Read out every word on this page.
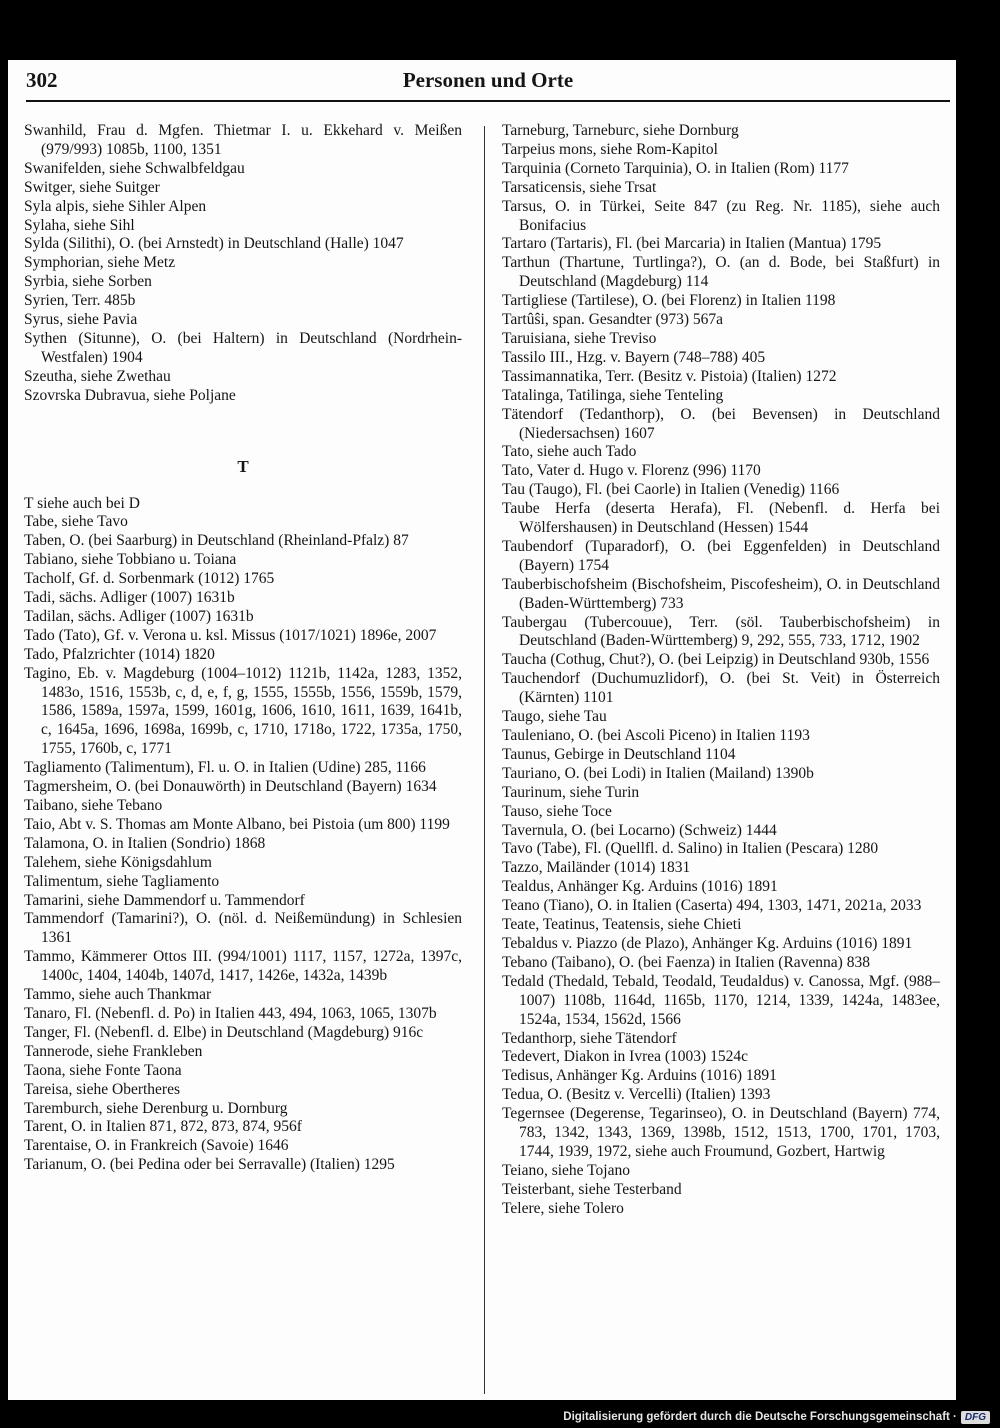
302	Personen und Orte
Swanhild, Frau d. Mgfen. Thietmar I. u. Ekkehard v. Meißen (979/993) 1085b, 1100, 1351
Swanifelden, siehe Schwalbfeldgau
Switger, siehe Suitger
Syla alpis, siehe Sihler Alpen
Sylaha, siehe Sihl
Sylda (Silithi), O. (bei Arnstedt) in Deutschland (Halle) 1047
Symphorian, siehe Metz
Syrbia, siehe Sorben
Syrien, Terr. 485b
Syrus, siehe Pavia
Sythen (Situnne), O. (bei Haltern) in Deutschland (Nordrhein-Westfalen) 1904
Szeutha, siehe Zwethau
Szovrska Dubravua, siehe Poljane
T
T siehe auch bei D
Tabe, siehe Tavo
Taben, O. (bei Saarburg) in Deutschland (Rheinland-Pfalz) 87
Tabiano, siehe Tobbiano u. Toiana
Tacholf, Gf. d. Sorbenmark (1012) 1765
Tadi, sächs. Adliger (1007) 1631b
Tadilan, sächs. Adliger (1007) 1631b
Tado (Tato), Gf. v. Verona u. ksl. Missus (1017/1021) 1896e, 2007
Tado, Pfalzrichter (1014) 1820
Tagino, Eb. v. Magdeburg (1004–1012) 1121b, 1142a, 1283, 1352, 1483o, 1516, 1553b, c, d, e, f, g, 1555, 1555b, 1556, 1559b, 1579, 1586, 1589a, 1597a, 1599, 1601g, 1606, 1610, 1611, 1639, 1641b, c, 1645a, 1696, 1698a, 1699b, c, 1710, 1718o, 1722, 1735a, 1750, 1755, 1760b, c, 1771
Tagliamento (Talimentum), Fl. u. O. in Italien (Udine) 285, 1166
Tagmersheim, O. (bei Donauwörth) in Deutschland (Bayern) 1634
Taibano, siehe Tebano
Taio, Abt v. S. Thomas am Monte Albano, bei Pistoia (um 800) 1199
Talamona, O. in Italien (Sondrio) 1868
Talehem, siehe Königsdahlum
Talimentum, siehe Tagliamento
Tamarini, siehe Dammendorf u. Tammendorf
Tammendorf (Tamarini?), O. (nöl. d. Neißemündung) in Schlesien 1361
Tammo, Kämmerer Ottos III. (994/1001) 1117, 1157, 1272a, 1397c, 1400c, 1404, 1404b, 1407d, 1417, 1426e, 1432a, 1439b
Tammo, siehe auch Thankmar
Tanaro, Fl. (Nebenfl. d. Po) in Italien 443, 494, 1063, 1065, 1307b
Tanger, Fl. (Nebenfl. d. Elbe) in Deutschland (Magdeburg) 916c
Tannerode, siehe Frankleben
Taona, siehe Fonte Taona
Tareisa, siehe Obertheres
Taremburch, siehe Derenburg u. Dornburg
Tarent, O. in Italien 871, 872, 873, 874, 956f
Tarentaise, O. in Frankreich (Savoie) 1646
Tarianum, O. (bei Pedina oder bei Serravalle) (Italien) 1295
Tarneburg, Tarneburc, siehe Dornburg
Tarpeius mons, siehe Rom-Kapitol
Tarquinia (Corneto Tarquinia), O. in Italien (Rom) 1177
Tarsaticensis, siehe Trsat
Tarsus, O. in Türkei, Seite 847 (zu Reg. Nr. 1185), siehe auch Bonifacius
Tartaro (Tartaris), Fl. (bei Marcaria) in Italien (Mantua) 1795
Tarthun (Thartune, Turtlinga?), O. (an d. Bode, bei Staßfurt) in Deutschland (Magdeburg) 114
Tartigliese (Tartilese), O. (bei Florenz) in Italien 1198
Tartûŝi, span. Gesandter (973) 567a
Taruisiana, siehe Treviso
Tassilo III., Hzg. v. Bayern (748–788) 405
Tassimannatika, Terr. (Besitz v. Pistoia) (Italien) 1272
Tatalinga, Tatilinga, siehe Tenteling
Tätendorf (Tedanthorp), O. (bei Bevensen) in Deutschland (Niedersachsen) 1607
Tato, siehe auch Tado
Tato, Vater d. Hugo v. Florenz (996) 1170
Tau (Taugo), Fl. (bei Caorle) in Italien (Venedig) 1166
Taube Herfa (deserta Herafa), Fl. (Nebenfl. d. Herfa bei Wölfershausen) in Deutschland (Hessen) 1544
Taubendorf (Tuparadorf), O. (bei Eggenfelden) in Deutschland (Bayern) 1754
Tauberbischofsheim (Bischofsheim, Piscofesheim), O. in Deutschland (Baden-Württemberg) 733
Taubergau (Tubercouue), Terr. (söl. Tauberbischofsheim) in Deutschland (Baden-Württemberg) 9, 292, 555, 733, 1712, 1902
Taucha (Cothug, Chut?), O. (bei Leipzig) in Deutschland 930b, 1556
Tauchendorf (Duchumuzlidorf), O. (bei St. Veit) in Österreich (Kärnten) 1101
Taugo, siehe Tau
Tauleniano, O. (bei Ascoli Piceno) in Italien 1193
Taunus, Gebirge in Deutschland 1104
Tauriano, O. (bei Lodi) in Italien (Mailand) 1390b
Taurinum, siehe Turin
Tauso, siehe Toce
Tavernula, O. (bei Locarno) (Schweiz) 1444
Tavo (Tabe), Fl. (Quellfl. d. Salino) in Italien (Pescara) 1280
Tazzo, Mailänder (1014) 1831
Tealdus, Anhänger Kg. Arduins (1016) 1891
Teano (Tiano), O. in Italien (Caserta) 494, 1303, 1471, 2021a, 2033
Teate, Teatinus, Teatensis, siehe Chieti
Tebaldus v. Piazzo (de Plazo), Anhänger Kg. Arduins (1016) 1891
Tebano (Taibano), O. (bei Faenza) in Italien (Ravenna) 838
Tedald (Thedald, Tebald, Teodald, Teudaldus) v. Canossa, Mgf. (988–1007) 1108b, 1164d, 1165b, 1170, 1214, 1339, 1424a, 1483ee, 1524a, 1534, 1562d, 1566
Tedanthorp, siehe Tätendorf
Tedevert, Diakon in Ivrea (1003) 1524c
Tedisus, Anhänger Kg. Arduins (1016) 1891
Tedua, O. (Besitz v. Vercelli) (Italien) 1393
Tegernsee (Degerense, Tegarinseo), O. in Deutschland (Bayern) 774, 783, 1342, 1343, 1369, 1398b, 1512, 1513, 1700, 1701, 1703, 1744, 1939, 1972, siehe auch Froumund, Gozbert, Hartwig
Teiano, siehe Tojano
Teisterbant, siehe Testerband
Telere, siehe Tolero
Digitalisierung gefördert durch die Deutsche Forschungsgemeinschaft · DFG
